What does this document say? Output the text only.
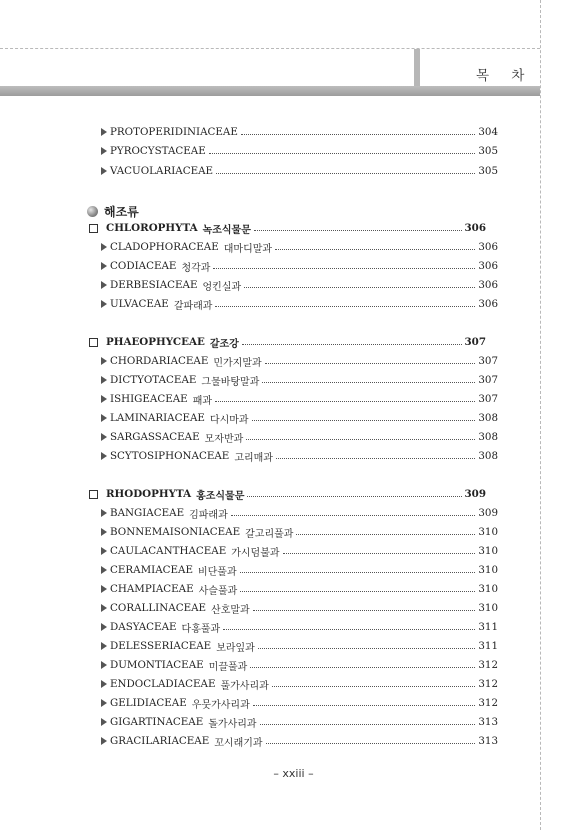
목 차
해조류
PROTOPERIDINIACEAE	304
PYROCYSTACEAE	305
VACUOLARIACEAE	305
CHLOROPHYTA 녹조식물문	306
CLADOPHORACEAE 대마디말과	306
CODIACEAE 청각과	306
DERBESIACEAE 엉킨실과	306
ULVACEAE 갈파래과	306
PHAEOPHYCEAE 갈조강	307
CHORDARIACEAE 민가지말과	307
DICTYOTACEAE 그물바탕말과	307
ISHIGEACEAE 패과	307
LAMINARIACEAE 다시마과	308
SARGASSACEAE 모자반과	308
SCYTOSIPHONACEAE 고리매과	308
RHODOPHYTA 홍조식물문	309
BANGIACEAE 김파래과	309
BONNEMAISONIACEAE 갈고리풀과	310
CAULACANTHACEAE 가시덤불과	310
CERAMIACEAE 비단풀과	310
CHAMPIACEAE 사슬풀과	310
CORALLINACEAE 산호말과	310
DASYACEAE 다홍풀과	311
DELESSERIACEAE 보라잎과	311
DUMONTIACEAE 미끌풀과	312
ENDOCLADIACEAE 풀가사리과	312
GELIDIACEAE 우뭇가사리과	312
GIGARTINACEAE 돌가사리과	313
GRACILARIACEAE 꼬시래기과	313
– xxiii –
